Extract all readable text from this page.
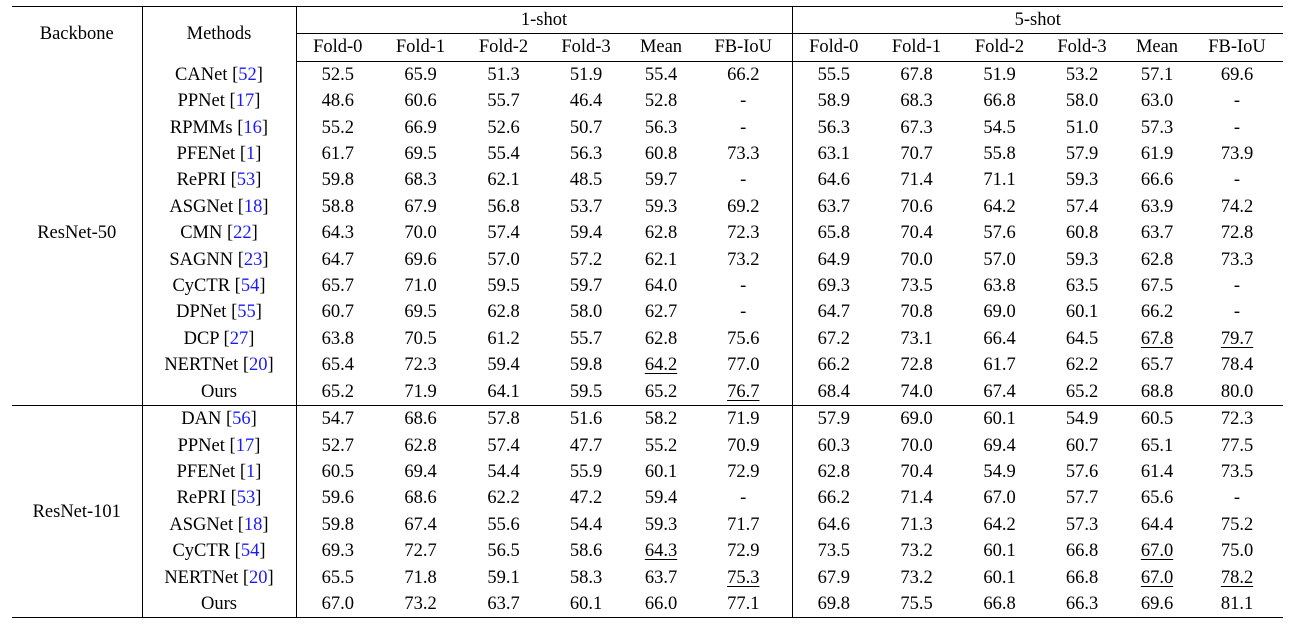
Backbone	Methods	1-shot						5-shot					
		Fold-0	Fold-1	Fold-2	Fold-3	Mean	FB-IoU	Fold-0	Fold-1	Fold-2	Fold-3	Mean	FB-IoU
ResNet-50	CANet [52]	52.5	65.9	51.3	51.9	55.4	66.2	55.5	67.8	51.9	53.2	57.1	69.6
	PPNet [17]	48.6	60.6	55.7	46.4	52.8	-	58.9	68.3	66.8	58.0	63.0	-
	RPMMs [16]	55.2	66.9	52.6	50.7	56.3	-	56.3	67.3	54.5	51.0	57.3	-
	PFENet [1]	61.7	69.5	55.4	56.3	60.8	73.3	63.1	70.7	55.8	57.9	61.9	73.9
	RePRI [53]	59.8	68.3	62.1	48.5	59.7	-	64.6	71.4	71.1	59.3	66.6	-
	ASGNet [18]	58.8	67.9	56.8	53.7	59.3	69.2	63.7	70.6	64.2	57.4	63.9	74.2
	CMN [22]	64.3	70.0	57.4	59.4	62.8	72.3	65.8	70.4	57.6	60.8	63.7	72.8
	SAGNN [23]	64.7	69.6	57.0	57.2	62.1	73.2	64.9	70.0	57.0	59.3	62.8	73.3
	CyCTR [54]	65.7	71.0	59.5	59.7	64.0	-	69.3	73.5	63.8	63.5	67.5	-
	DPNet [55]	60.7	69.5	62.8	58.0	62.7	-	64.7	70.8	69.0	60.1	66.2	-
	DCP [27]	63.8	70.5	61.2	55.7	62.8	75.6	67.2	73.1	66.4	64.5	67.8	79.7
	NERTNet [20]	65.4	72.3	59.4	59.8	64.2	77.0	66.2	72.8	61.7	62.2	65.7	78.4
	Ours	65.2	71.9	64.1	59.5	65.2	76.7	68.4	74.0	67.4	65.2	68.8	80.0
ResNet-101	DAN [56]	54.7	68.6	57.8	51.6	58.2	71.9	57.9	69.0	60.1	54.9	60.5	72.3
	PPNet [17]	52.7	62.8	57.4	47.7	55.2	70.9	60.3	70.0	69.4	60.7	65.1	77.5
	PFENet [1]	60.5	69.4	54.4	55.9	60.1	72.9	62.8	70.4	54.9	57.6	61.4	73.5
	RePRI [53]	59.6	68.6	62.2	47.2	59.4	-	66.2	71.4	67.0	57.7	65.6	-
	ASGNet [18]	59.8	67.4	55.6	54.4	59.3	71.7	64.6	71.3	64.2	57.3	64.4	75.2
	CyCTR [54]	69.3	72.7	56.5	58.6	64.3	72.9	73.5	73.2	60.1	66.8	67.0	75.0
	NERTNet [20]	65.5	71.8	59.1	58.3	63.7	75.3	67.9	73.2	60.1	66.8	67.0	78.2
	Ours	67.0	73.2	63.7	60.1	66.0	77.1	69.8	75.5	66.8	66.3	69.6	81.1
